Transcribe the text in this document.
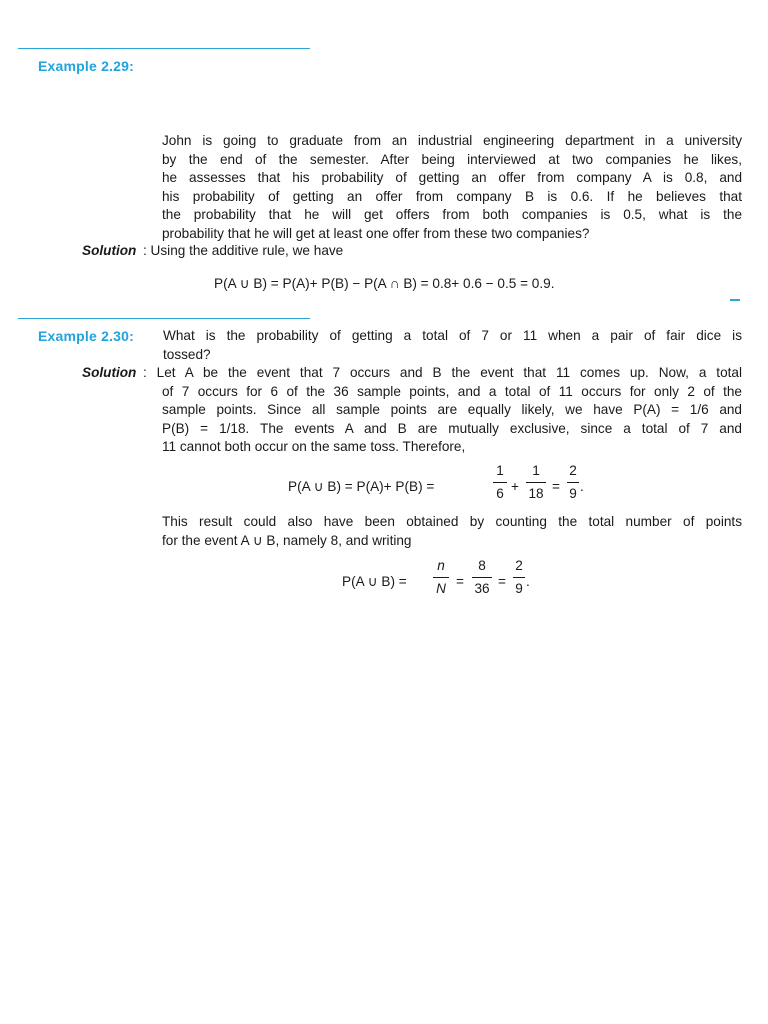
Example 2.29:
John is going to graduate from an industrial engineering department in a university
by the end of the semester. After being interviewed at two companies he likes,
he assesses that his probability of getting an offer from company A is 0.8, and
his probability of getting an offer from company B is 0.6. If he believes that
the probability that he will get offers from both companies is 0.5, what is the
probability that he will get at least one offer from these two companies?
Solution : Using the additive rule, we have
P(A ∪ B) = P(A)+ P(B) − P(A ∩ B) = 0.8+ 0.6 − 0.5 = 0.9.
Example 2.30: What is the probability of getting a total of 7 or 11 when a pair of fair dice is
tossed?
Solution : Let A be the event that 7 occurs and B the event that 11 comes up. Now, a total
of 7 occurs for 6 of the 36 sample points, and a total of 11 occurs for only 2 of the
sample points. Since all sample points are equally likely, we have P(A) = 1/6 and
P(B) = 1/18. The events A and B are mutually exclusive, since a total of 7 and
11 cannot both occur on the same toss. Therefore,
P(A ∪ B) = P(A)+ P(B) =
1
6 +
1
18 =
2
9 .
This result could also have been obtained by counting the total number of points
for the event A ∪ B, namely 8, and writing
P(A ∪ B) =
n
N =
8
36 =
2
9 .
